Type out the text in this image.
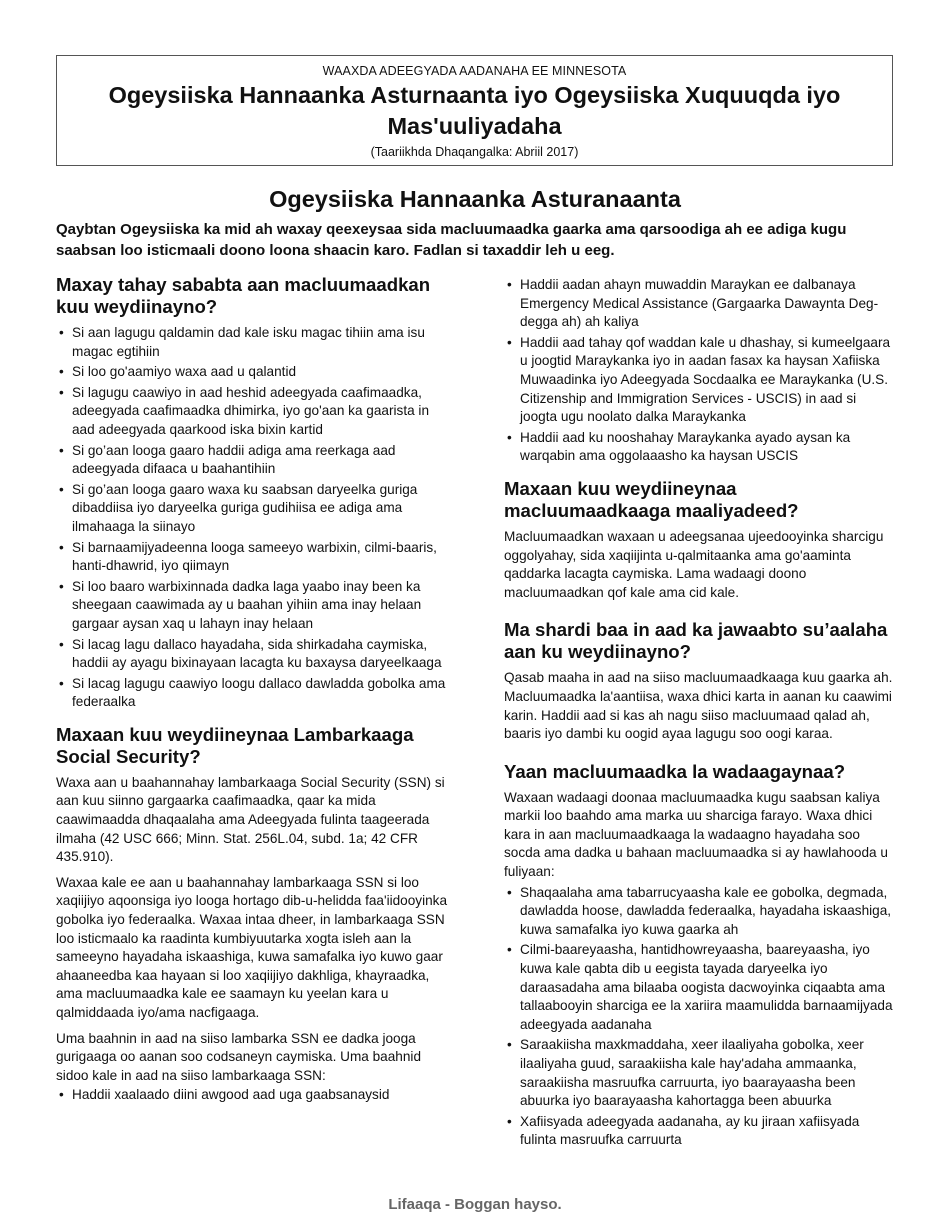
WAAXDA ADEEGYADA AADANAHA EE MINNESOTA
Ogeysiiska Hannaanka Asturnaanta iyo Ogeysiiska Xuquuqda iyo Mas'uuliyadaha
(Taariikhda Dhaqangalka: Abriil 2017)
Ogeysiiska Hannaanka Asturanaanta
Qaybtan Ogeysiiska ka mid ah waxay qeexeysaa sida macluumaadka gaarka ama qarsoodiga ah ee adiga kugu saabsan loo isticmaali doono loona shaacin karo. Fadlan si taxaddir leh u eeg.
Maxay tahay sababta aan macluumaadkan kuu weydiinayno?
• Si aan lagugu qaldamin dad kale isku magac tihiin ama isu magac egtihiin
• Si loo go'aamiyo waxa aad u qalantid
• Si lagugu caawiyo in aad heshid adeegyada caafimaadka, adeegyada caafimaadka dhimirka, iyo go'aan ka gaarista in aad adeegyada qaarkood iska bixin kartid
• Si go’aan looga gaaro haddii adiga ama reerkaga aad adeegyada difaaca u baahantihiin
• Si go’aan looga gaaro waxa ku saabsan daryeelka guriga dibaddiisa iyo daryeelka guriga gudihiisa ee adiga ama ilmahaaga la siinayo
• Si barnaamijyadeenna looga sameeyo warbixin, cilmi-baaris, hanti-dhawrid, iyo qiimayn
• Si loo baaro warbixinnada dadka laga yaabo inay been ka sheegaan caawimada ay u baahan yihiin ama inay helaan gargaar aysan xaq u lahayn inay helaan
• Si lacag lagu dallaco hayadaha, sida shirkadaha caymiska, haddii ay ayagu bixinayaan lacagta ku baxaysa daryeelkaaga
• Si lacag lagugu caawiyo loogu dallaco dawladda gobolka ama federaalka
Maxaan kuu weydiineynaa Lambarkaaga Social Security?

Waxa aan u baahannahay lambarkaaga Social Security (SSN) si aan kuu siinno gargaarka caafimaadka, qaar ka mida caawimaadda dhaqaalaha ama Adeegyada fulinta taageerada ilmaha (42 USC 666; Minn. Stat. 256L.04, subd. 1a; 42 CFR 435.910).

Waxaa kale ee aan u baahannahay lambarkaaga SSN si loo xaqiijiyo aqoonsiga iyo looga hortago dib-u-helidda faa'iidooyinka gobolka iyo federaalka. Waxaa intaa dheer, in lambarkaaga SSN loo isticmaalo ka raadinta kumbiyuutarka xogta isleh aan la sameeyno hayadaha iskaashiga, kuwa samafalka iyo kuwo gaar ahaaneedba kaa hayaan si loo xaqiijiyo dakhliga, khayraadka, ama macluumaadka kale ee saamayn ku yeelan kara u qalmiddaada iyo/ama nacfigaaga.

Uma baahnin in aad na siiso lambarka SSN ee dadka jooga gurigaaga oo aanan soo codsaneyn caymiska. Uma baahnid sidoo kale in aad na siiso lambarkaaga SSN:

• Haddii xaalaado diini awgood aad uga gaabsanaysid
• Haddii aadan ahayn muwaddin Maraykan ee dalbanaya Emergency Medical Assistance (Gargaarka Dawaynta Deg-degga ah) ah kaliya
• Haddii aad tahay qof waddan kale u dhashay, si kumeelgaara u joogtid Maraykanka iyo in aadan fasax ka haysan Xafiiska Muwaadinka iyo Adeegyada Socdaalka ee Maraykanka (U.S. Citizenship and Immigration Services - USCIS) in aad si joogta ugu noolato dalka Maraykanka
• Haddii aad ku nooshahay Maraykanka ayado aysan ka warqabin ama oggolaaasho ka haysan USCIS
Maxaan kuu weydiineynaa macluumaadkaaga maaliyadeed?

Macluumaadkan waxaan u adeegsanaa ujeedooyinka sharcigu oggolyahay, sida xaqiijinta u-qalmitaanka ama go'aaminta qaddarka lacagta caymiska. Lama wadaagi doono macluumaadkan qof kale ama cid kale.

Ma shardi baa in aad ka jawaabto su’aalaha aan ku weydiinayno?

Qasab maaha in aad na siiso macluumaadkaaga kuu gaarka ah. Macluumaadka la'aantiisa, waxa dhici karta in aanan ku caawimi karin. Haddii aad si kas ah nagu siiso macluumaad qalad ah, baaris iyo dambi ku oogid ayaa lagugu soo oogi karaa.

Yaan macluumaadka la wadaagaynaa?

Waxaan wadaagi doonaa macluumaadka kugu saabsan kaliya markii loo baahdo ama marka uu sharciga farayo. Waxa dhici kara in aan macluumaadkaaga la wadaagno hayadaha soo socda ama dadka u bahaan macluumaadka si ay hawlahooda u fuliyaan:

• Shaqaalaha ama tabarrucyaasha kale ee gobolka, degmada, dawladda hoose, dawladda federaalka, hayadaha iskaashiga, kuwa samafalka iyo kuwa gaarka ah
• Cilmi-baareyaasha, hantidhowreyaasha, baareyaasha, iyo kuwa kale qabta dib u eegista tayada daryeelka iyo daraasadaha ama bilaaba oogista dacwoyinka ciqaabta ama tallaabooyin sharciga ee la xariira maamulidda barnaamijyada adeegyada aadanaha
• Saraakiisha maxkmaddaha, xeer ilaaliyaha gobolka, xeer ilaaliyaha guud, saraakiisha kale hay'adaha ammaanka, saraakiisha masruufka carruurta, iyo baarayaasha been abuurka iyo baarayaasha kahortagga been abuurka
• Xafiisyada adeegyada aadanaha, ay ku jiraan xafiisyada fulinta masruufka carruurta
Lifaaqa - Boggan hayso.
